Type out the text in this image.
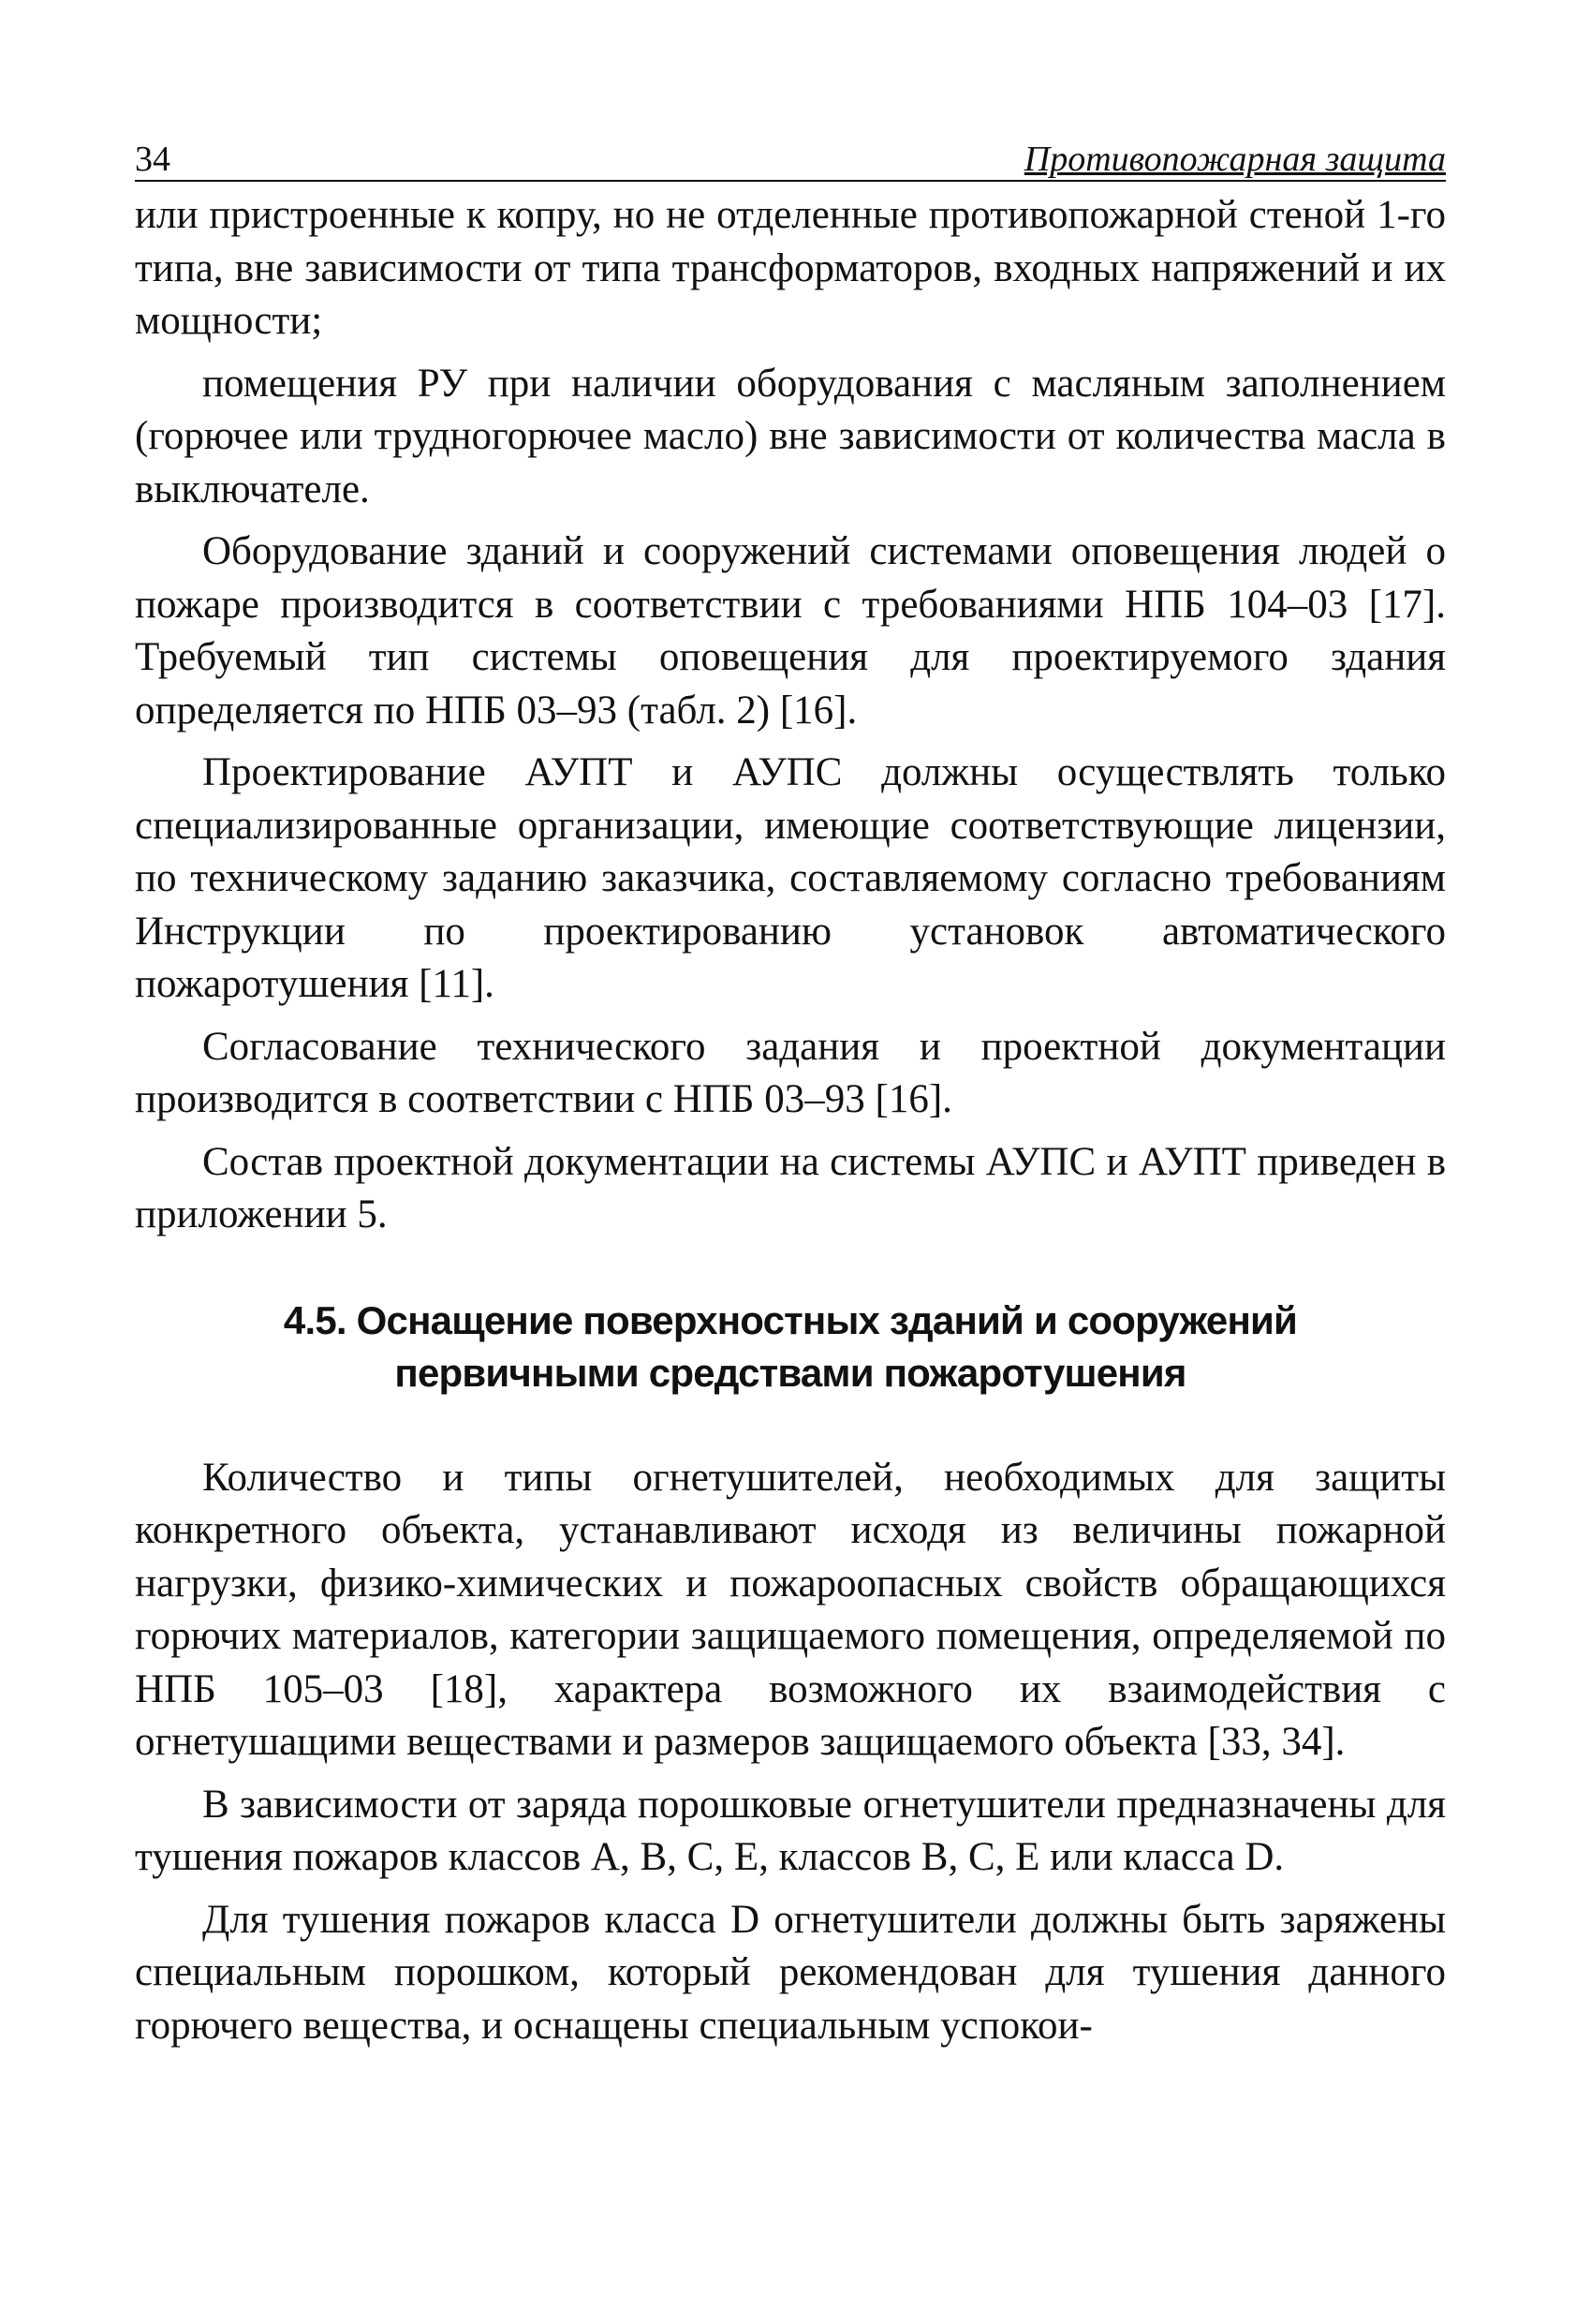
34	Противопожарная защита

или пристроенные к копру, но не отделенные противопожарной стеной 1-го типа, вне зависимости от типа трансформаторов, входных напряжений и их мощности;

помещения РУ при наличии оборудования с масляным заполнением (горючее или трудногорючее масло) вне зависимости от количества масла в выключателе.

Оборудование зданий и сооружений системами оповещения людей о пожаре производится в соответствии с требованиями НПБ 104–03 [17]. Требуемый тип системы оповещения для проектируемого здания определяется по НПБ 03–93 (табл. 2) [16].

Проектирование АУПТ и АУПС должны осуществлять только специализированные организации, имеющие соответствующие лицензии, по техническому заданию заказчика, составляемому согласно требованиям Инструкции по проектированию установок автоматического пожаротушения [11].

Согласование технического задания и проектной документации производится в соответствии с НПБ 03–93 [16].

Состав проектной документации на системы АУПС и АУПТ приведен в приложении 5.

4.5. Оснащение поверхностных зданий и сооружений
первичными средствами пожаротушения

Количество и типы огнетушителей, необходимых для защиты конкретного объекта, устанавливают исходя из величины пожарной нагрузки, физико-химических и пожароопасных свойств обращающихся горючих материалов, категории защищаемого помещения, определяемой по НПБ 105–03 [18], характера возможного их взаимодействия с огнетушащими веществами и размеров защищаемого объекта [33, 34].

В зависимости от заряда порошковые огнетушители предназначены для тушения пожаров классов А, В, С, Е, классов В, С, Е или класса D.

Для тушения пожаров класса D огнетушители должны быть заряжены специальным порошком, который рекомендован для тушения данного горючего вещества, и оснащены специальным успокои-
